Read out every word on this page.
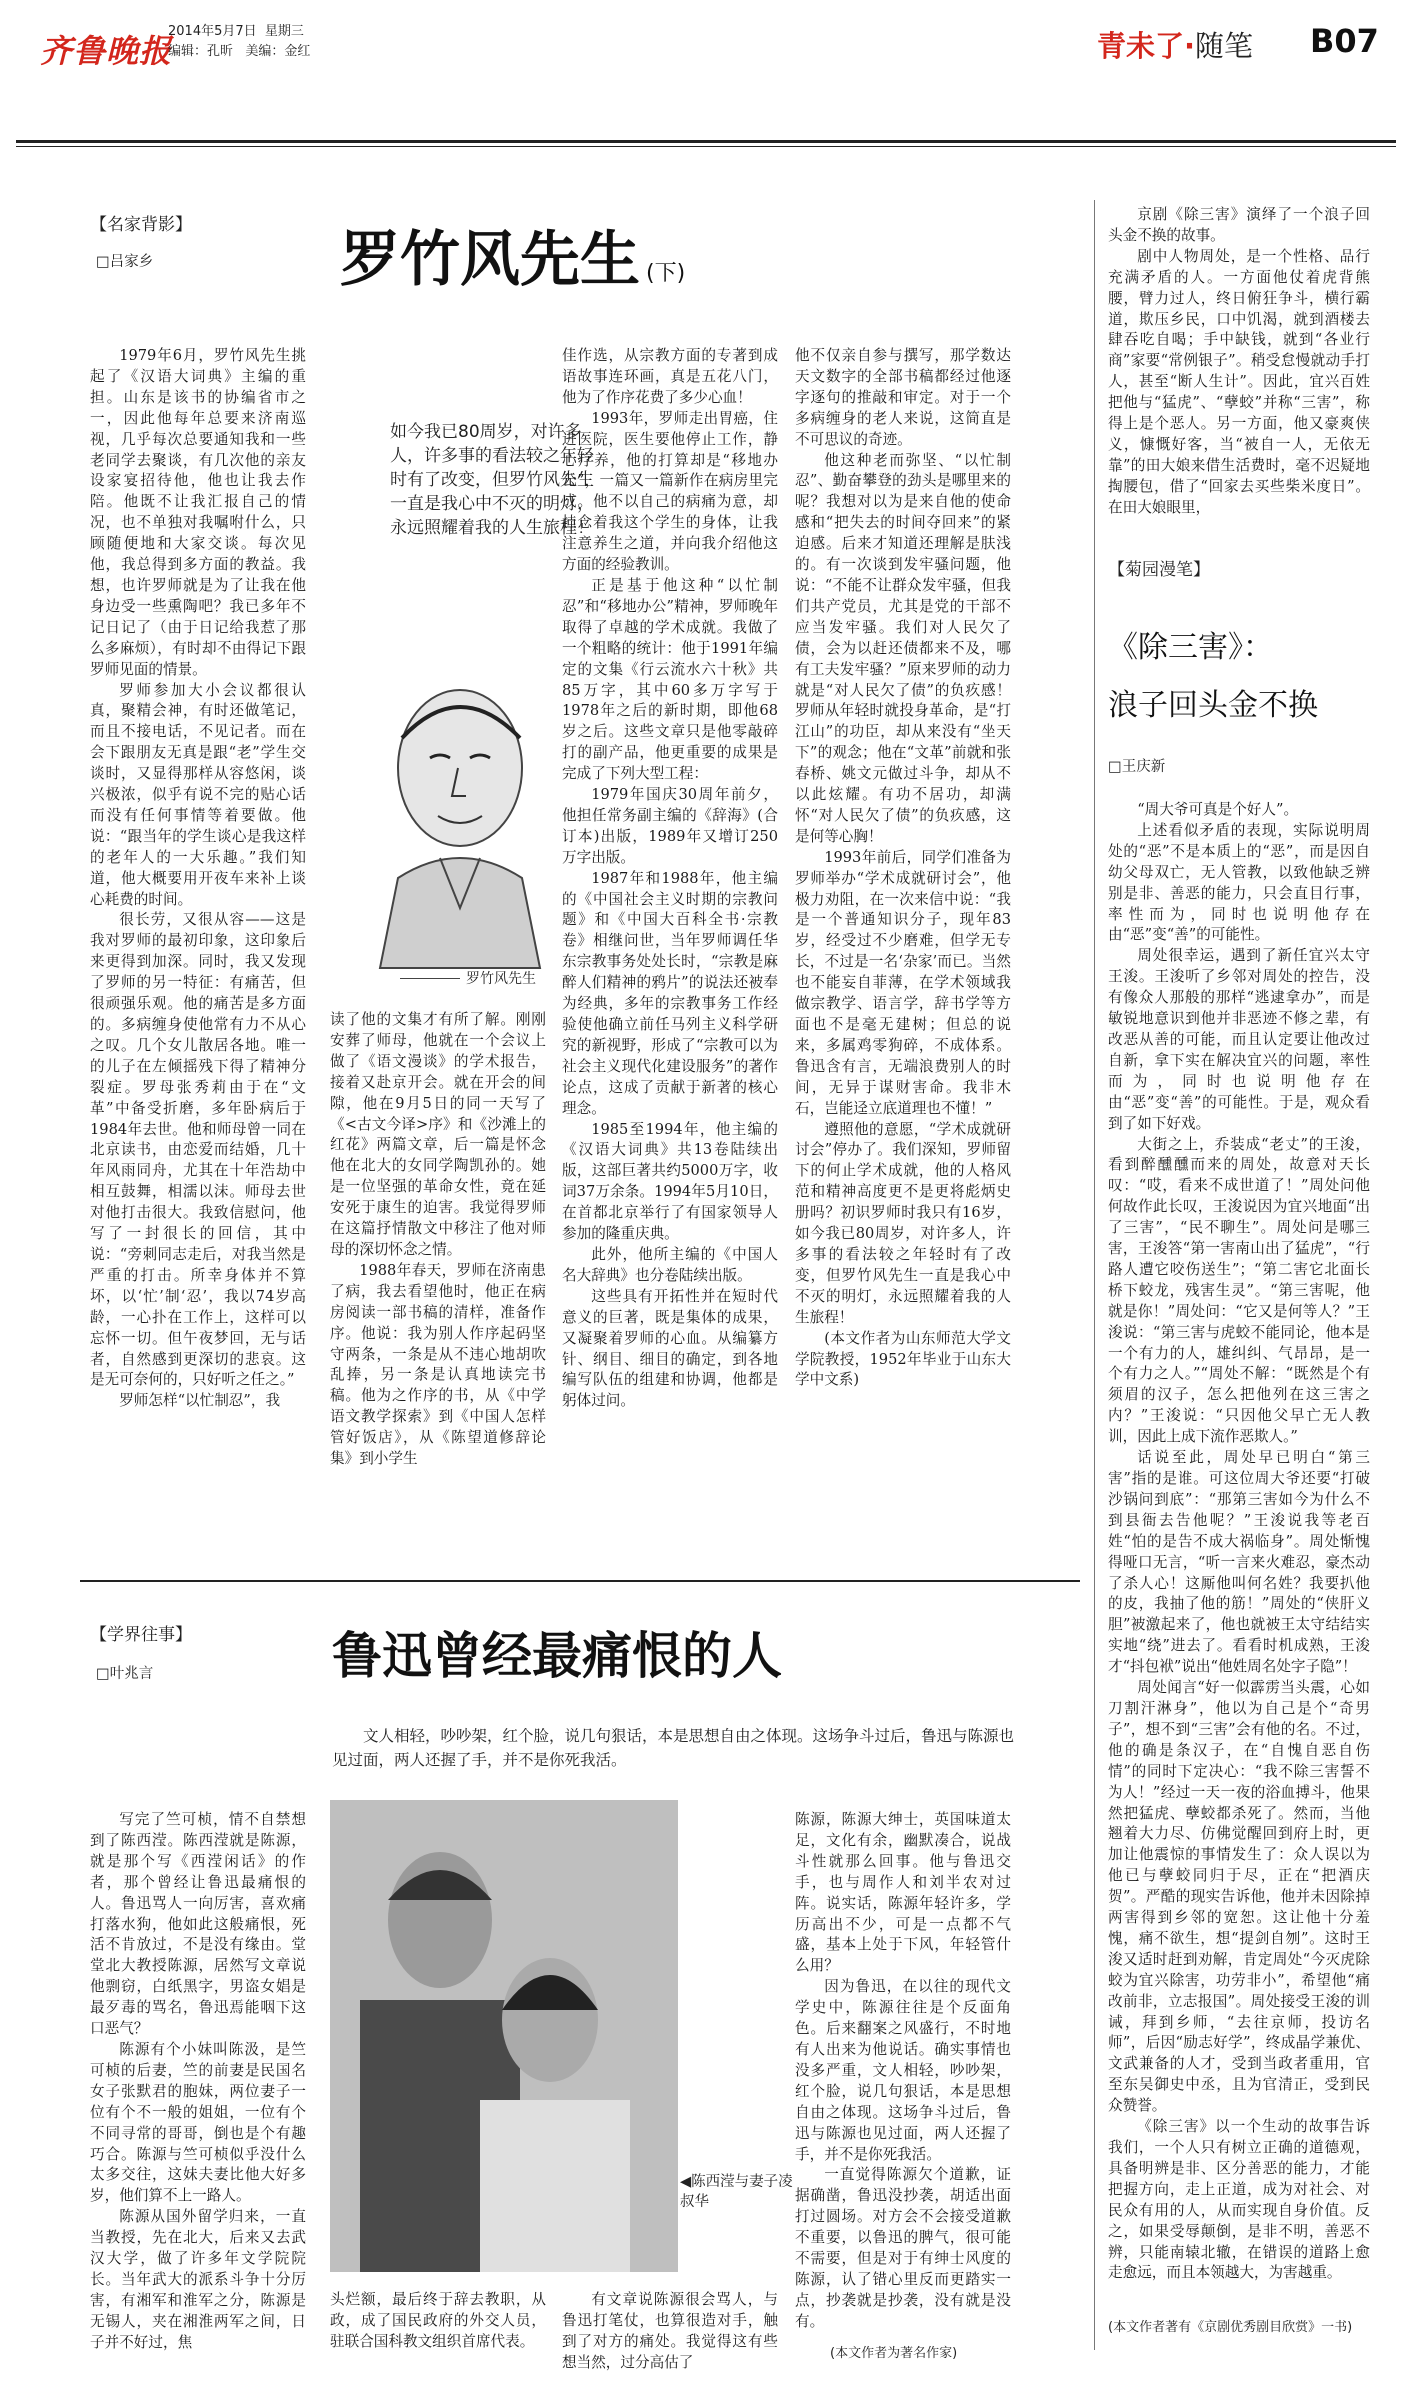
齐鲁晚报
2014年5月7日 星期三
编辑：孔昕 美编：金红	青未了·随笔 B07
【名家背影】
□吕家乡	罗竹风先生 (下)

1979年6月，罗竹风先生挑起了《汉语大词典》主编的重担。山东是该书的协编省市之一，因此他每年总要来济南巡视，几乎每次总要通知我和一些老同学去聚谈，有几次他的亲友设家宴招待他，他也让我去作陪。他既不让我汇报自己的情况，也不单独对我嘱咐什么，只顾随便地和大家交谈。每次见他，我总得到多方面的教益。我想，也许罗师就是为了让我在他身边受一些熏陶吧？我已多年不记日记了（由于日记给我惹了那么多麻烦），有时却不由得记下跟罗师见面的情景。

罗师参加大小会议都很认真，聚精会神，有时还做笔记，而且不接电话，不见记者。而在会下跟朋友无真是跟“老”学生交谈时，又显得那样从容悠闲，谈兴极浓，似乎有说不完的贴心话而没有任何事情等着要做。他说：“跟当年的学生谈心是我这样的老年人的一大乐趣。”我们知道，他大概要用开夜车来补上谈心耗费的时间。

很长劳，又很从容——这是我对罗师的最初印象，这印象后来更得到加深。同时，我又发现了罗师的另一特征：有痛苦，但很顽强乐观。他的痛苦是多方面的。多病缠身使他常有力不从心之叹。几个女儿散居各地。唯一的儿子在左倾摇残下得了精神分裂症。罗母张秀莉由于在“文革”中备受折磨，多年卧病后于1984年去世。他和师母曾一同在北京读书，由恋爱而结婚，几十年风雨同舟，尤其在十年浩劫中相互鼓舞，相濡以沫。师母去世对他打击很大。我致信慰问，他写了一封很长的回信，其中说：“旁刺同志走后，对我当然是严重的打击。所幸身体并不算坏，以‘忙’制‘忍’，我以74岁高龄，一心扑在工作上，这样可以忘怀一切。但午夜梦回，无与话者，自然感到更深切的悲哀。这是无可奈何的，只好听之任之。”

罗师怎样“以忙制忍”，我

如今我已80周岁，对许多人，许多事的看法较之年轻时有了改变，但罗竹风先生一直是我心中不灭的明灯，永远照耀着我的人生旅程！
罗竹风先生

读了他的文集才有所了解。刚刚安葬了师母，他就在一个会议上做了《语文漫谈》的学术报告，接着又赴京开会。就在开会的间隙，他在9月5日的同一天写了《<古文今译>序》和《沙滩上的红花》两篇文章，后一篇是怀念他在北大的女同学陶凯孙的。她是一位坚强的革命女性，竟在延安死于康生的迫害。我觉得罗师在这篇抒情散文中移注了他对师母的深切怀念之情。

1988年春天，罗师在济南患了病，我去看望他时，他正在病房阅读一部书稿的清样，准备作序。他说：我为别人作序起码坚守两条，一条是从不违心地胡吹乱捧，另一条是认真地读完书稿。他为之作序的书，从《中学语文教学探索》到《中国人怎样管好饭店》，从《陈望道修辞论集》到小学生

佳作选，从宗教方面的专著到成语故事连环画，真是五花八门，他为了作序花费了多少心血！

1993年，罗师走出胃癌，住进医院，医生要他停止工作，静心疗养，他的打算却是“移地办公”，一篇又一篇新作在病房里完成。他不以自己的病痛为意，却挂念着我这个学生的身体，让我注意养生之道，并向我介绍他这方面的经验教训。

正是基于他这种“以忙制忍”和“移地办公”精神，罗师晚年取得了卓越的学术成就。我做了一个粗略的统计：他于1991年编定的文集《行云流水六十秋》共85万字，其中60多万字写于1978年之后的新时期，即他68岁之后。这些文章只是他零敲碎打的副产品，他更重要的成果是完成了下列大型工程：

1979年国庆30周年前夕，他担任常务副主编的《辞海》(合订本)出版，1989年又增订250万字出版。

1987年和1988年，他主编的《中国社会主义时期的宗教问题》和《中国大百科全书·宗教卷》相继问世，当年罗师调任华东宗教事务处处长时，“宗教是麻醉人们精神的鸦片”的说法还被奉为经典，多年的宗教事务工作经验使他确立前任马列主义科学研究的新视野，形成了“宗教可以为社会主义现代化建设服务”的著作论点，这成了贡献于新著的核心理念。

1985至1994年，他主编的《汉语大词典》共13卷陆续出版，这部巨著共约5000万字，收词37万余条。1994年5月10日，在首都北京举行了有国家领导人参加的隆重庆典。

此外，他所主编的《中国人名大辞典》也分卷陆续出版。

这些具有开拓性并在短时代意义的巨著，既是集体的成果，又凝聚着罗师的心血。从编纂方针、纲目、细目的确定，到各地编写队伍的组建和协调，他都是躬体过问。

他不仅亲自参与撰写，那学数达天文数字的全部书稿都经过他逐字逐句的推敲和审定。对于一个多病缠身的老人来说，这简直是不可思议的奇迹。

他这种老而弥坚、“以忙制忍”、勤奋攀登的劲头是哪里来的呢？我想对以为是来自他的使命感和“把失去的时间夺回来”的紧迫感。后来才知道还理解是肤浅的。有一次谈到发牢骚问题，他说：“不能不让群众发牢骚，但我们共产党员，尤其是党的干部不应当发牢骚。我们对人民欠了债，会为以赶还债都来不及，哪有工夫发牢骚？”原来罗师的动力就是“对人民欠了债”的负疚感！罗师从年轻时就投身革命，是“打江山”的功臣，却从来没有“坐天下”的观念；他在“文革”前就和张春桥、姚文元做过斗争，却从不以此炫耀。有功不居功，却满怀“对人民欠了债”的负疚感，这是何等心胸！

1993年前后，同学们准备为罗师举办“学术成就研讨会”，他极力劝阻，在一次来信中说：“我是一个普通知识分子，现年83岁，经受过不少磨难，但学无专长，不过是一名‘杂家’而已。当然也不能妄自菲薄，在学术领域我做宗教学、语言学，辞书学等方面也不是毫无建树；但总的说来，多属鸡零狗碎，不成体系。鲁迅含有言，无端浪费别人的时间，无异于谋财害命。我非木石，岂能迳立底道理也不懂！”

遵照他的意愿，“学术成就研讨会”停办了。我们深知，罗师留下的何止学术成就，他的人格风范和精神高度更不是更将彪炳史册吗？初识罗师时我只有16岁，如今我已80周岁，对许多人，许多事的看法较之年轻时有了改变，但罗竹风先生一直是我心中不灭的明灯，永远照耀着我的人生旅程！

(本文作者为山东师范大学文学院教授，1952年毕业于山东大学中文系)

【学界往事】
□叶兆言	鲁迅曾经最痛恨的人
文人相轻，吵吵架，红个脸，说几句狠话，本是思想自由之体现。这场争斗过后，鲁迅与陈源也见过面，两人还握了手，并不是你死我活。

写完了竺可桢，情不自禁想到了陈西滢。陈西滢就是陈源，就是那个写《西滢闲话》的作者，那个曾经让鲁迅最痛恨的人。鲁迅骂人一向厉害，喜欢痛打落水狗，他如此这般痛恨，死活不肯放过，不是没有缘由。堂堂北大教授陈源，居然写文章说他剽窃，白纸黑字，男盗女娼是最歹毒的骂名，鲁迅焉能咽下这口恶气？

陈源有个小妹叫陈汲，是竺可桢的后妻，竺的前妻是民国名女子张默君的胞妹，两位妻子一位有个不一般的姐姐，一位有个不同寻常的哥哥，倒也是个有趣巧合。陈源与竺可桢似乎没什么太多交往，这妹夫妻比他大好多岁，他们算不上一路人。

陈源从国外留学归来，一直当教授，先在北大，后来又去武汉大学，做了许多年文学院院长。当年武大的派系斗争十分厉害，有湘军和淮军之分，陈源是无锡人，夹在湘淮两军之间，日子并不好过，焦

◀陈西滢与妻子凌叔华

头烂额，最后终于辞去教职，从政，成了国民政府的外交人员，驻联合国科教文组织首席代表。

有文章说陈源很会骂人，与鲁迅打笔仗，也算很造对手，触到了对方的痛处。我觉得这有些想当然，过分高估了

陈源，陈源大绅士，英国味道太足，文化有余，幽默凑合，说战斗性就那么回事。他与鲁迅交手，也与周作人和刘半农对过阵。说实话，陈源年轻许多，学历高出不少，可是一点都不气盛，基本上处于下风，年轻管什么用？

因为鲁迅，在以往的现代文学史中，陈源往往是个反面角色。后来翻案之风盛行，不时地有人出来为他说话。确实事情也没多严重，文人相轻，吵吵架，红个脸，说几句狠话，本是思想自由之体现。这场争斗过后，鲁迅与陈源也见过面，两人还握了手，并不是你死我活。

一直觉得陈源欠个道歉，证据确凿，鲁迅没抄袭，胡适出面打过圆场。对方会不会接受道歉不重要，以鲁迅的脾气，很可能不需要，但是对于有绅士风度的陈源，认了错心里反而更踏实一点，抄袭就是抄袭，没有就是没有。

(本文作者为著名作家)

京剧《除三害》演绎了一个浪子回头金不换的故事。

剧中人物周处，是一个性格、品行充满矛盾的人。一方面他仗着虎背熊腰，臂力过人，终日俯狂争斗，横行霸道，欺压乡民，口中饥渴，就到酒楼去肆吞吃自喝；手中缺钱，就到“各业行商”家要“常例银子”。稍受怠慢就动手打人，甚至“断人生计”。因此，宜兴百姓把他与“猛虎”、“孽蛟”并称“三害”，称得上是个恶人。另一方面，他又豪爽侠义，慷慨好客，当“被自一人，无依无靠”的田大娘来借生活费时，毫不迟疑地掏腰包，借了“回家去买些柴米度日”。在田大娘眼里，

【菊园漫笔】
《除三害》：
浪子回头金不换
□王庆新

“周大爷可真是个好人”。

上述看似矛盾的表现，实际说明周处的“恶”不是本质上的“恶”，而是因自幼父母双亡，无人管教，以致他缺乏辨别是非、善恶的能力，只会直目行事，率性而为，同时也说明他存在由“恶”变“善”的可能性。

周处很幸运，遇到了新任宜兴太守王浚。王浚听了乡邻对周处的控告，没有像众人那般的那样“逃逮拿办”，而是敏锐地意识到他并非恶迹不修之辈，有改恶从善的可能，而且认定要让他改过自新，拿下实在解决宜兴的问题，率性而为，同时也说明他存在由“恶”变“善”的可能性。于是，观众看到了如下好戏。

大街之上，乔装成“老丈”的王浚，看到醉醺醺而来的周处，故意对天长叹：“哎，看来不成世道了！”周处问他何故作此长叹，王浚说因为宜兴地面“出了三害”，“民不聊生”。周处问是哪三害，王浚答“第一害南山出了猛虎”，“行路人遭它咬伤送生”；“第二害它北面长桥下蛟龙，残害生灵”。“第三害呢，他就是你！”周处问：“它又是何等人？”王浚说：“第三害与虎蛟不能同论，他本是一个有力的人，雄纠纠、气昂昂，是一个有力之人。”“周处不解：“既然是个有须眉的汉子，怎么把他列在这三害之内？”王浚说：“只因他父早亡无人教训，因此上成下流作恶欺人。”

话说至此，周处早已明白“第三害”指的是谁。可这位周大爷还要“打破沙锅问到底”：“那第三害如今为什么不到县衙去告他呢？”王浚说我等老百姓“怕的是告不成大祸临身”。周处惭愧得哑口无言，“听一言来火难忍，豪杰动了杀人心！这厮他叫何名姓？我要扒他的皮，我抽了他的筋！”周处的“侠肝义胆”被激起来了，他也就被王太守结结实实地“绕”进去了。看看时机成熟，王浚才“抖包袱”说出“他姓周名处字子隐”！

周处闻言“好一似霹雳当头震，心如刀割汗淋身”，他以为自己是个“奇男子”，想不到“三害”会有他的名。不过，他的确是条汉子，在“自愧自恶自伤情”的同时下定决心：“我不除三害誓不为人！”经过一天一夜的浴血搏斗，他果然把猛虎、孽蛟都杀死了。然而，当他翘着大力尽、仿佛觉醒回到府上时，更加让他震惊的事情发生了：众人误以为他已与孽蛟同归于尽，正在“把酒庆贺”。严酷的现实告诉他，他并未因除掉两害得到乡邻的宽恕。这让他十分羞愧，痛不欲生，想“提剑自刎”。这时王浚又适时赶到劝解，肯定周处“今灭虎除蛟为宜兴除害，功劳非小”，希望他“痛改前非，立志报国”。周处接受王浚的训诫，拜到乡师，“去往京师，投访名师”，后因“励志好学”，终成晶学兼优、文武兼备的人才，受到当政者重用，官至东吴御史中丞，且为官清正，受到民众赞誉。

《除三害》以一个生动的故事告诉我们，一个人只有树立正确的道德观，具备明辨是非、区分善恶的能力，才能把握方向，走上正道，成为对社会、对民众有用的人，从而实现自身价值。反之，如果受辱颠倒，是非不明，善恶不辨，只能南辕北辙，在错误的道路上愈走愈远，而且本领越大，为害越重。

(本文作者著有《京剧优秀剧目欣赏》一书)
